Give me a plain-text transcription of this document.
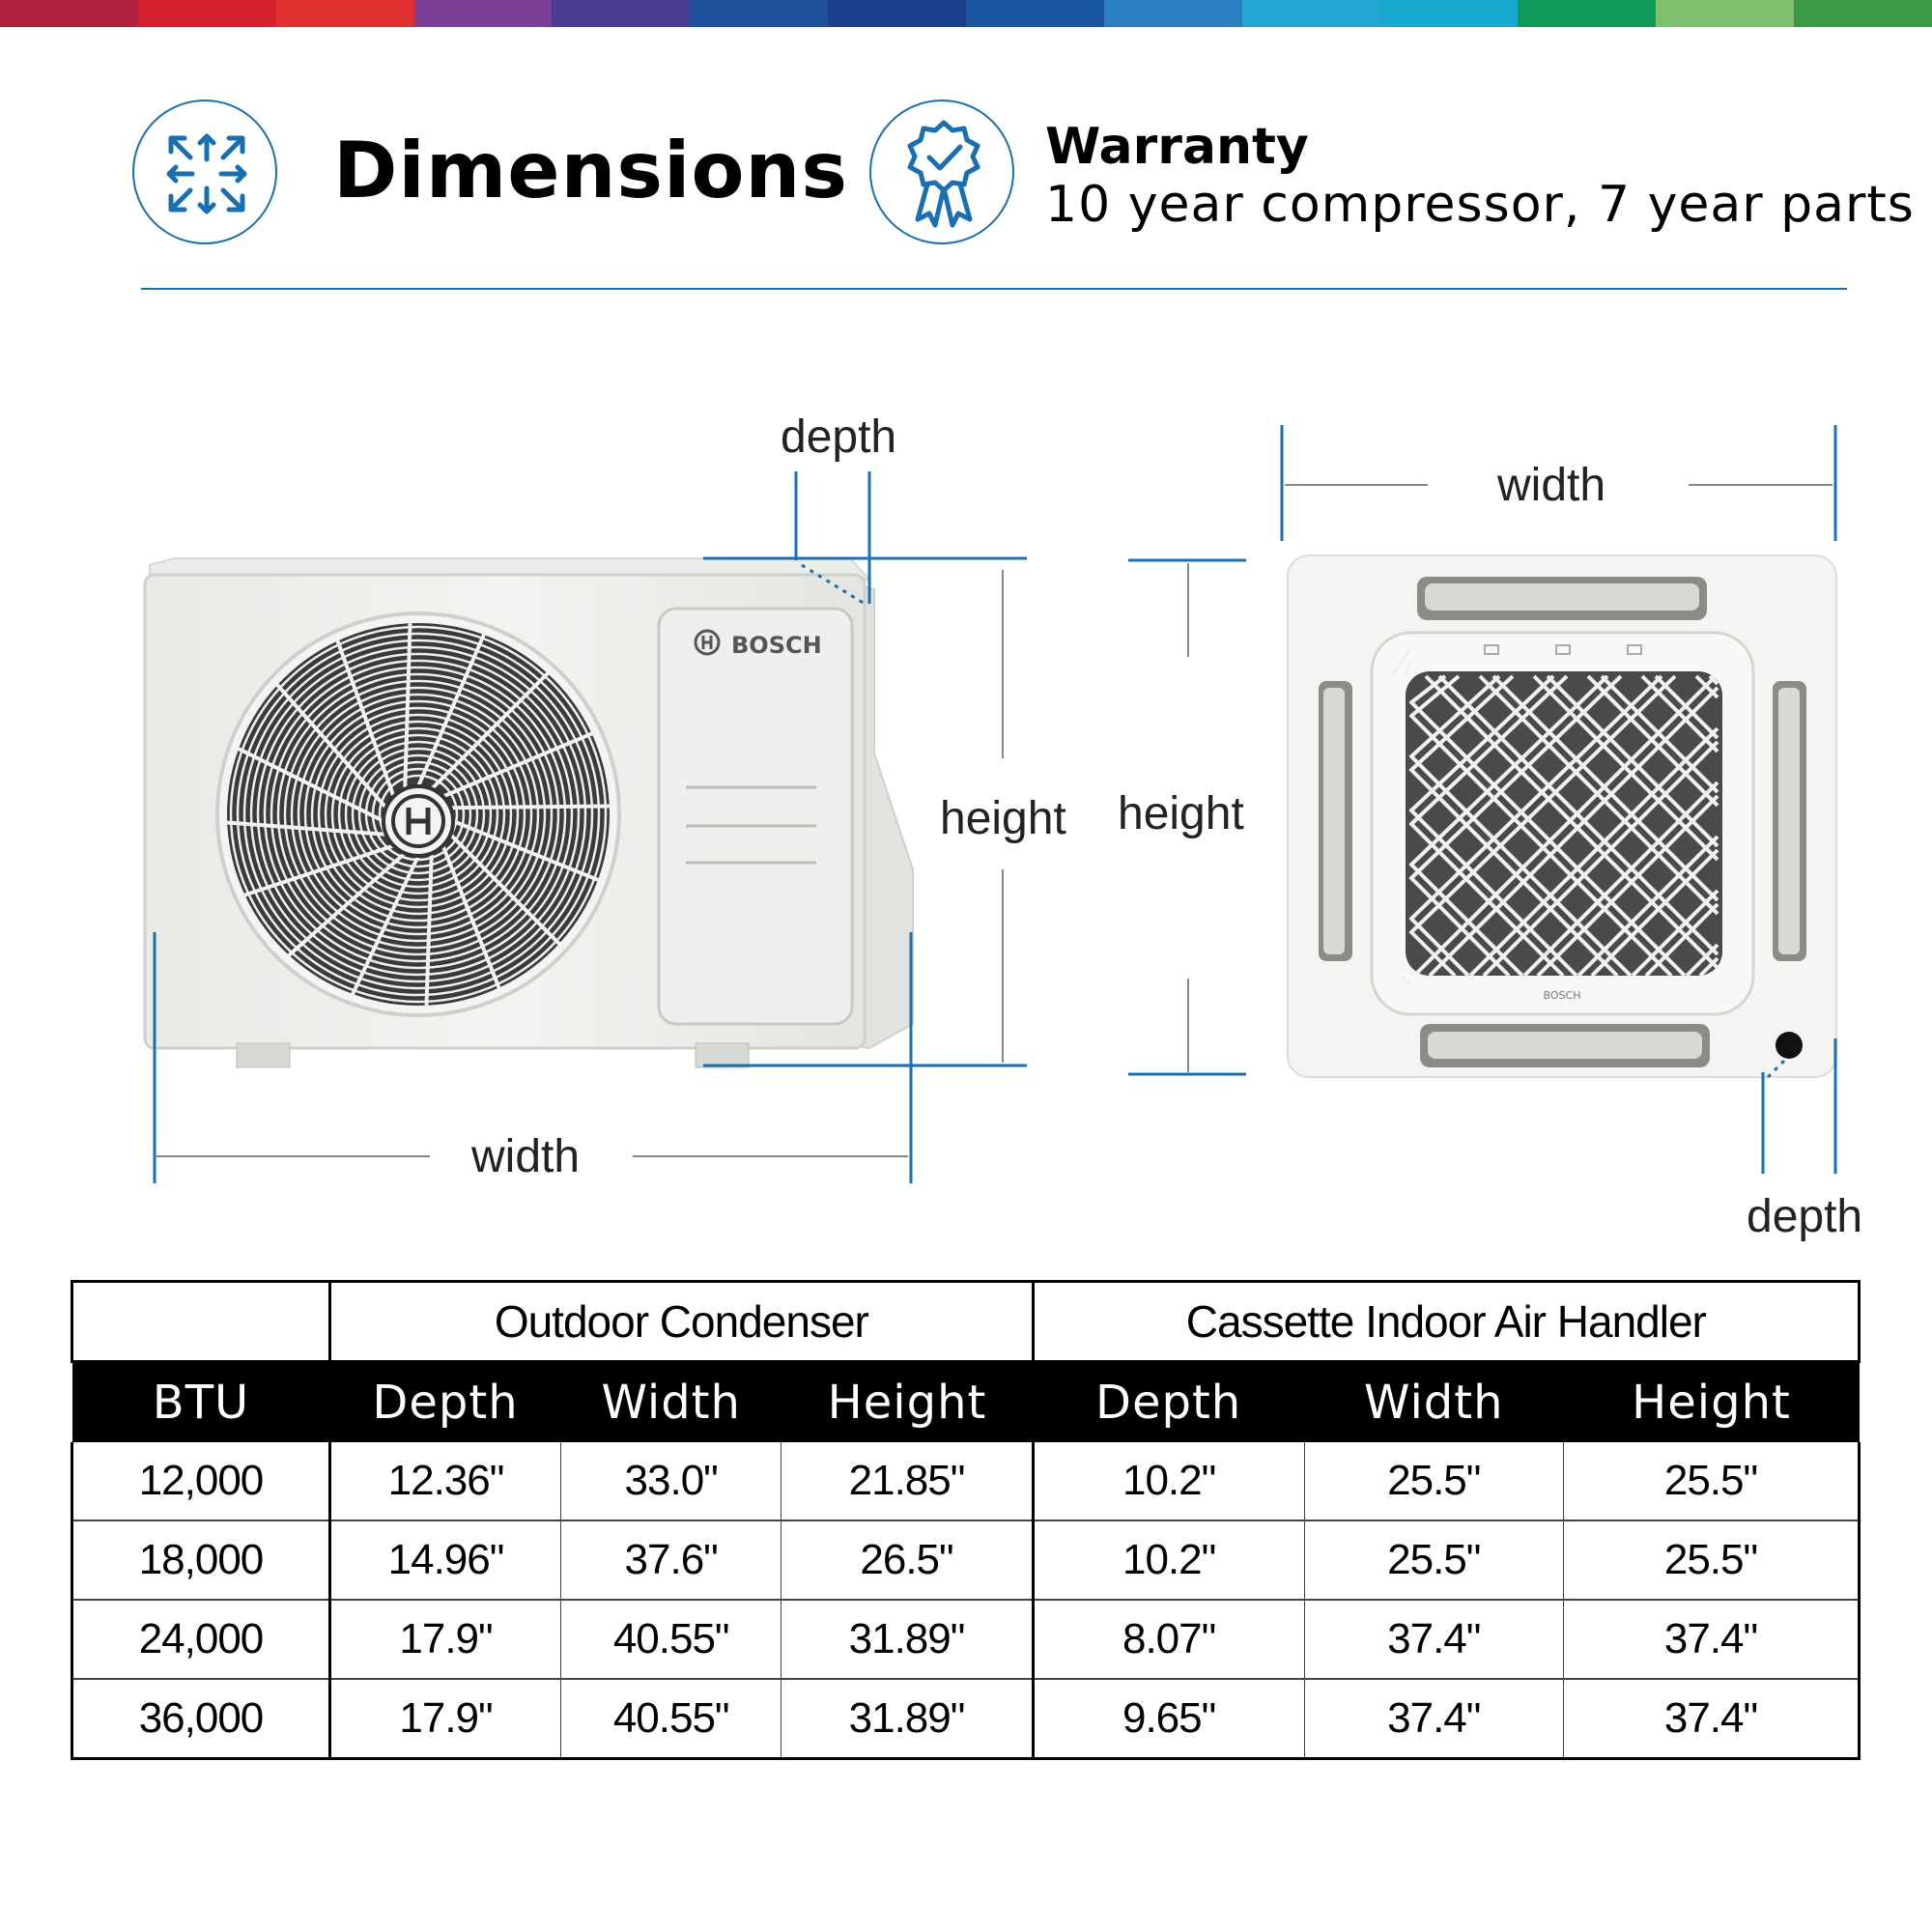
Dimensions	Warranty
10 year compressor, 7 year parts
BOSCH
BOSCH
depth
height
width
width
height
depth
	Outdoor Condenser			Cassette Indoor Air Handler		
BTU	Depth	Width	Height	Depth	Width	Height
12,000	12.36"	33.0"	21.85"	10.2"	25.5"	25.5"
18,000	14.96"	37.6"	26.5"	10.2"	25.5"	25.5"
24,000	17.9"	40.55"	31.89"	8.07"	37.4"	37.4"
36,000	17.9"	40.55"	31.89"	9.65"	37.4"	37.4"
